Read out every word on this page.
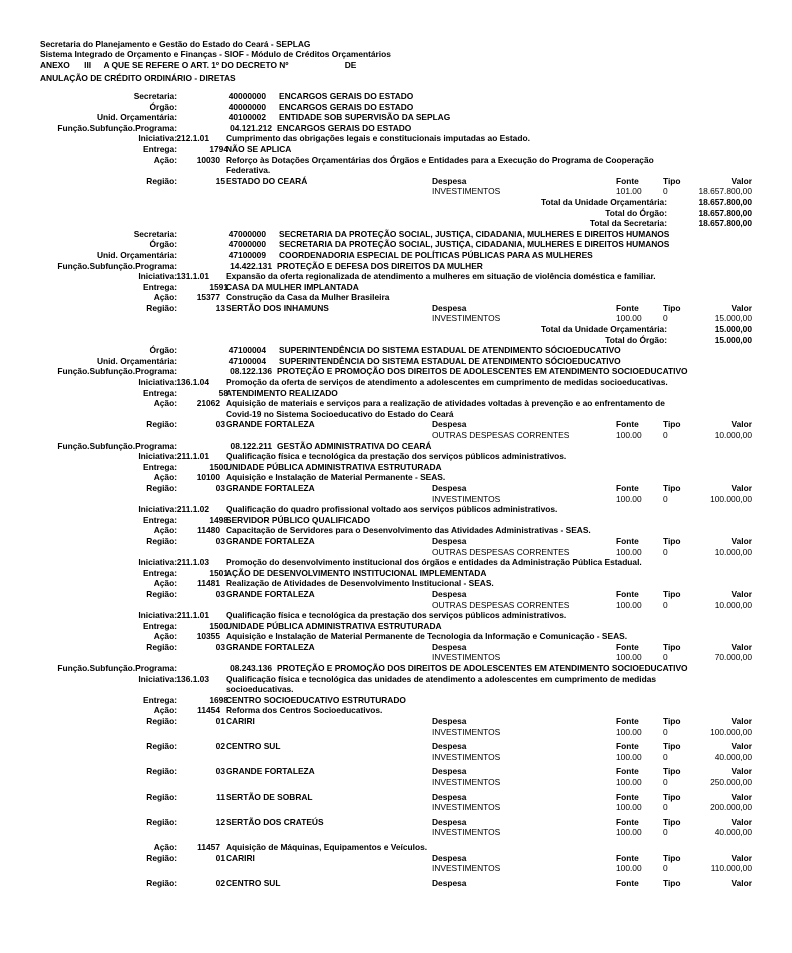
Secretaria do Planejamento e Gestão do Estado do Ceará - SEPLAG
Sistema Integrado de Orçamento e Finanças - SIOF - Módulo de Créditos Orçamentários
ANEXO III A QUE SE REFERE O ART. 1º DO DECRETO Nº	DE
ANULAÇÃO DE CRÉDITO ORDINÁRIO - DIRETAS
Secretaria:	40000000 ENCARGOS GERAIS DO ESTADO
Órgão:	40000000 ENCARGOS GERAIS DO ESTADO
Unid. Orçamentária:	40100002 ENTIDADE SOB SUPERVISÃO DA SEPLAG
Função.Subfunção.Programa:	04.121.212 ENCARGOS GERAIS DO ESTADO
Iniciativa: 212.1.01 Cumprimento das obrigações legais e constitucionais imputadas ao Estado.
Entrega:	1794
NÃO SE APLICA
Ação: 10030 Reforço às Dotações Orçamentárias dos Órgãos e Entidades para a Execução do Programa de Cooperação
Federativa.
Região:	15 ESTADO DO CEARÁ	Despesa	Fonte	Tipo	Valor
INVESTIMENTOS	101.00	0	18.657.800,00
Total da Unidade Orçamentária:	18.657.800,00
Total do Órgão:	18.657.800,00
Total da Secretaria:	18.657.800,00
Secretaria:	47000000 SECRETARIA DA PROTEÇÃO SOCIAL, JUSTIÇA, CIDADANIA, MULHERES E DIREITOS HUMANOS
Órgão:	47000000 SECRETARIA DA PROTEÇÃO SOCIAL, JUSTIÇA, CIDADANIA, MULHERES E DIREITOS HUMANOS
Unid. Orçamentária:	47100009 COORDENADORIA ESPECIAL DE POLÍTICAS PÚBLICAS PARA AS MULHERES
Função.Subfunção.Programa:	14.422.131 PROTEÇÃO E DEFESA DOS DIREITOS DA MULHER
Iniciativa: 131.1.01 Expansão da oferta regionalizada de atendimento a mulheres em situação de violência doméstica e familiar.
Entrega:	1591
CASA DA MULHER IMPLANTADA
Ação: 15377 Construção da Casa da Mulher Brasileira
Região:	13 SERTÃO DOS INHAMUNS	Despesa	Fonte	Tipo	Valor
INVESTIMENTOS	100.00	0	15.000,00
Total da Unidade Orçamentária:	15.000,00
Total do Órgão:	15.000,00
Órgão:	47100004 SUPERINTENDÊNCIA DO SISTEMA ESTADUAL DE ATENDIMENTO SÓCIOEDUCATIVO
Unid. Orçamentária:	47100004 SUPERINTENDÊNCIA DO SISTEMA ESTADUAL DE ATENDIMENTO SÓCIOEDUCATIVO
Função.Subfunção.Programa:	08.122.136 PROTEÇÃO E PROMOÇÃO DOS DIREITOS DE ADOLESCENTES EM ATENDIMENTO SOCIOEDUCATIVO
Iniciativa: 136.1.04 Promoção da oferta de serviços de atendimento a adolescentes em cumprimento de medidas socioeducativas.
Entrega:	58
ATENDIMENTO REALIZADO
Ação: 21062 Aquisição de materiais e serviços para a realização de atividades voltadas à prevenção e ao enfrentamento de
Covid-19 no Sistema Socioeducativo do Estado do Ceará
Região:	03 GRANDE FORTALEZA	Despesa	Fonte	Tipo	Valor
OUTRAS DESPESAS CORRENTES	100.00	0	10.000,00
Função.Subfunção.Programa:	08.122.211 GESTÃO ADMINISTRATIVA DO CEARÁ
Iniciativa: 211.1.01 Qualificação física e tecnológica da prestação dos serviços públicos administrativos.
Entrega:	1500
UNIDADE PÚBLICA ADMINISTRATIVA ESTRUTURADA
Ação: 10100 Aquisição e Instalação de Material Permanente - SEAS.
Região:	03 GRANDE FORTALEZA	Despesa	Fonte	Tipo	Valor
INVESTIMENTOS	100.00	0	100.000,00
Iniciativa: 211.1.02 Qualificação do quadro profissional voltado aos serviços públicos administrativos.
Entrega:	1498
SERVIDOR PÚBLICO QUALIFICADO
Ação: 11480 Capacitação de Servidores para o Desenvolvimento das Atividades Administrativas - SEAS.
Região:	03 GRANDE FORTALEZA	Despesa	Fonte	Tipo	Valor
OUTRAS DESPESAS CORRENTES	100.00	0	10.000,00
Iniciativa: 211.1.03 Promoção do desenvolvimento institucional dos órgãos e entidades da Administração Pública Estadual.
Entrega:	1501
AÇÃO DE DESENVOLVIMENTO INSTITUCIONAL IMPLEMENTADA
Ação: 11481 Realização de Atividades de Desenvolvimento Institucional - SEAS.
Região:	03 GRANDE FORTALEZA	Despesa	Fonte	Tipo	Valor
OUTRAS DESPESAS CORRENTES	100.00	0	10.000,00
Iniciativa: 211.1.01 Qualificação física e tecnológica da prestação dos serviços públicos administrativos.
Entrega:	1500
UNIDADE PÚBLICA ADMINISTRATIVA ESTRUTURADA
Ação: 10355 Aquisição e Instalação de Material Permanente de Tecnologia da Informação e Comunicação - SEAS.
Região:	03 GRANDE FORTALEZA	Despesa	Fonte	Tipo	Valor
INVESTIMENTOS	100.00	0	70.000,00
Função.Subfunção.Programa:	08.243.136 PROTEÇÃO E PROMOÇÃO DOS DIREITOS DE ADOLESCENTES EM ATENDIMENTO SOCIOEDUCATIVO
Iniciativa: 136.1.03 Qualificação física e tecnológica das unidades de atendimento a adolescentes em cumprimento de medidas
socioeducativas.
Entrega:	1698
CENTRO SOCIOEDUCATIVO ESTRUTURADO
Ação: 11454 Reforma dos Centros Socioeducativos.
Região:	01 CARIRI	Despesa	Fonte	Tipo	Valor
INVESTIMENTOS	100.00	0	100.000,00
Região:	02 CENTRO SUL	Despesa	Fonte	Tipo	Valor
INVESTIMENTOS	100.00	0	40.000,00
Região:	03 GRANDE FORTALEZA	Despesa	Fonte	Tipo	Valor
INVESTIMENTOS	100.00	0	250.000,00
Região:	11 SERTÃO DE SOBRAL	Despesa	Fonte	Tipo	Valor
INVESTIMENTOS	100.00	0	200.000,00
Região:	12 SERTÃO DOS CRATEÚS	Despesa	Fonte	Tipo	Valor
INVESTIMENTOS	100.00	0	40.000,00
Ação: 11457 Aquisição de Máquinas, Equipamentos e Veículos.
Região:	01 CARIRI	Despesa	Fonte	Tipo	Valor
INVESTIMENTOS	100.00	0	110.000,00
Região:	02 CENTRO SUL	Despesa	Fonte	Tipo	Valor
